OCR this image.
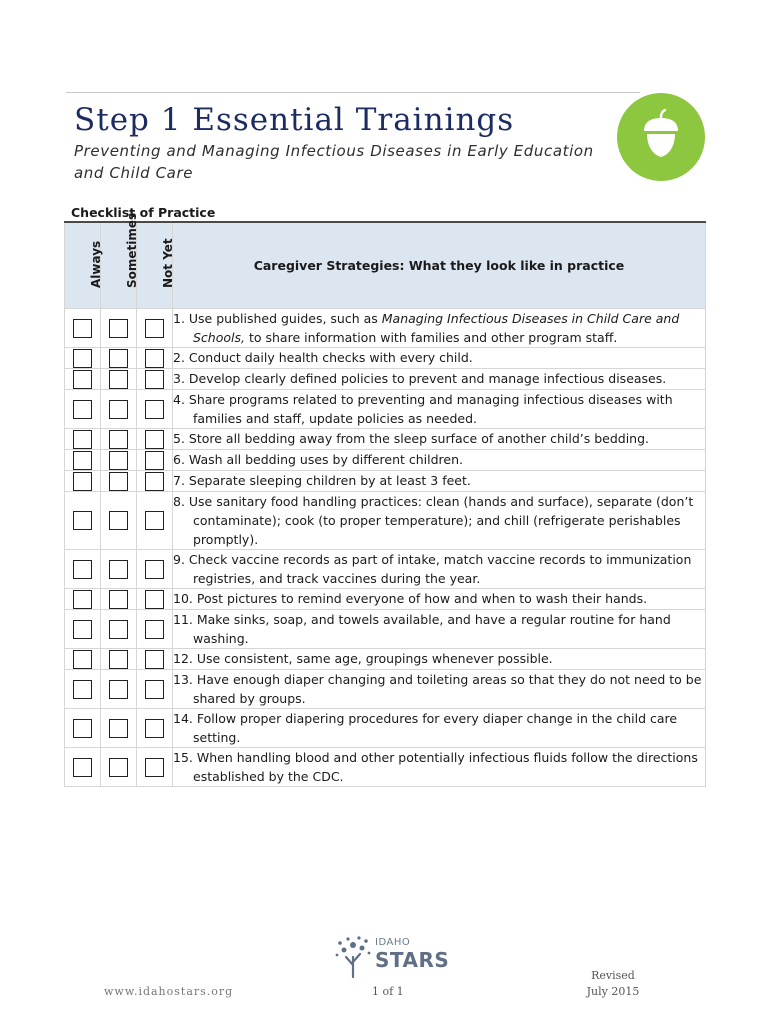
Step 1 Essential Trainings
Preventing and Managing Infectious Diseases in Early Education and Child Care
Checklist of Practice
Always	Sometimes	Not Yet	Caregiver Strategies: What they look like in practice

			1. Use published guides, such as Managing Infectious Diseases in Child Care and Schools, to share information with families and other program staff.

			2. Conduct daily health checks with every child.

			3. Develop clearly defined policies to prevent and manage infectious diseases.

			4. Share programs related to preventing and managing infectious diseases with families and staff, update policies as needed.

			5. Store all bedding away from the sleep surface of another child’s bedding.

			6. Wash all bedding uses by different children.

			7. Separate sleeping children by at least 3 feet.

			8. Use sanitary food handling practices: clean (hands and surface), separate (don’t contaminate); cook (to proper temperature); and chill (refrigerate perishables promptly).

			9. Check vaccine records as part of intake, match vaccine records to immunization registries, and track vaccines during the year.

			10. Post pictures to remind everyone of how and when to wash their hands.

			11. Make sinks, soap, and towels available, and have a regular routine for hand washing.

			12. Use consistent, same age, groupings whenever possible.

			13. Have enough diaper changing and toileting areas so that they do not need to be shared by groups.

			14. Follow proper diapering procedures for every diaper change in the child care setting.

			15. When handling blood and other potentially infectious fluids follow the directions established by the CDC.
IDAHO
STARS
www.idahostars.org	1 of 1
Revised
July 2015
